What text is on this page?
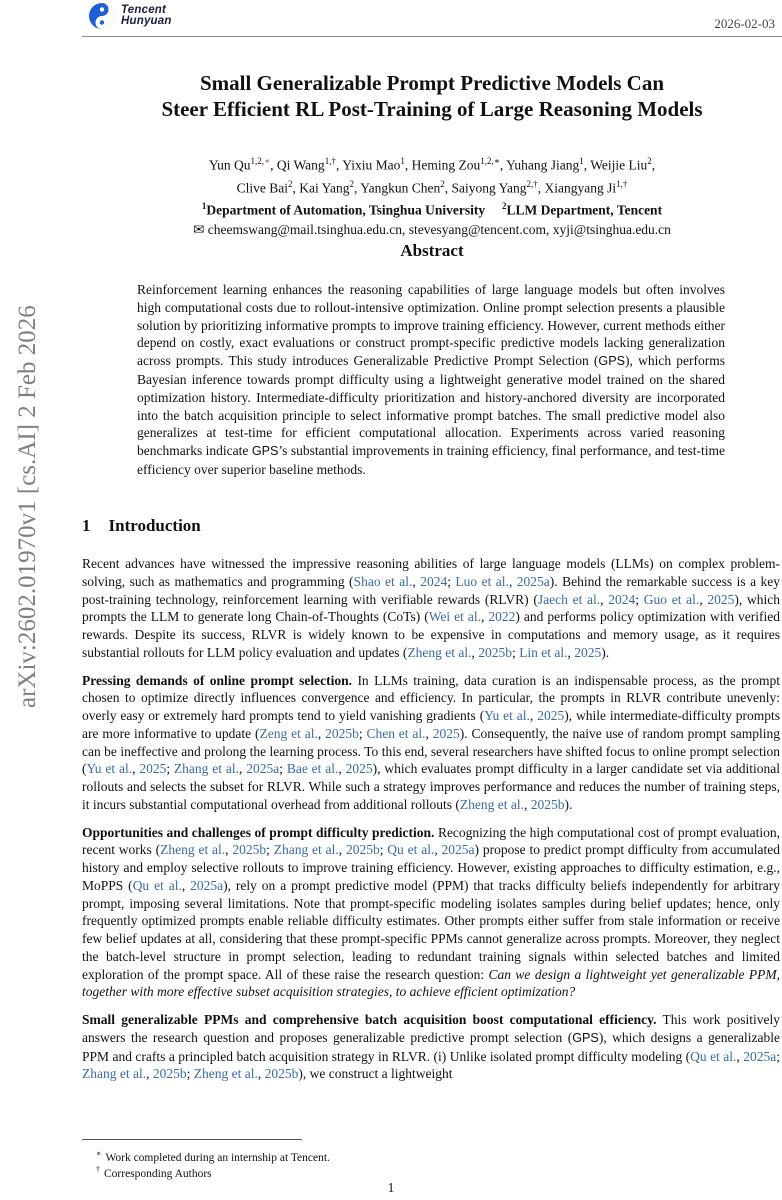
Tencent
Hunyuan	2026-02-03
arXiv:2602.01970v1 [cs.AI] 2 Feb 2026
Small Generalizable Prompt Predictive Models Can
Steer Efficient RL Post-Training of Large Reasoning Models
Yun $Qu^{1,2,∗}$, Qi Wang$^{1,\dagger}$, Yixiu Mao$^1$, Heming Zou$^{1,2,∗}$, Yuhang Jiang$^1$, Weijie Liu$^2$,
Clive Bai$^2$, Kai Yang$^2$, Yangkun Chen$^2$, Saiyong Yang$^{2,\dagger}$, Xiangyang $Ji^{1,\dagger}$
$^1$Department of Automation, Tsinghua University $^2$LLM Department, Tencent
✉ cheemswang@mail.tsinghua.edu.cn, stevesyang@tencent.com, xyji@tsinghua.edu.cn
Abstract
Reinforcement learning enhances the reasoning capabilities of large language models but often involves high computational costs due to rollout-intensive optimization. Online prompt selection presents a plausible solution by prioritizing informative prompts to improve training efficiency. However, current methods either depend on costly, exact evaluations or construct prompt-specific predictive models lacking generalization across prompts. This study introduces Generalizable Predictive Prompt Selection (GPS), which performs Bayesian inference towards prompt difficulty using a lightweight generative model trained on the shared optimization history. Intermediate-difficulty prioritization and history-anchored diversity are incorporated into the batch acquisition principle to select informative prompt batches. The small predictive model also generalizes at test-time for efficient computational allocation. Experiments across varied reasoning benchmarks indicate GPS’s substantial improvements in training efficiency, final performance, and test-time efficiency over superior baseline methods.
1 Introduction

Recent advances have witnessed the impressive reasoning abilities of large language models (LLMs) on complex problem-solving, such as mathematics and programming (Shao et al., 2024; Luo et al., 2025a). Behind the remarkable success is a key post-training technology, reinforcement learning with verifiable rewards (RLVR) (Jaech et al., 2024; Guo et al., 2025), which prompts the LLM to generate long Chain-of-Thoughts (CoTs) (Wei et al., 2022) and performs policy optimization with verified rewards. Despite its success, RLVR is widely known to be expensive in computations and memory usage, as it requires substantial rollouts for LLM policy evaluation and updates (Zheng et al., 2025b; Lin et al., 2025).

Pressing demands of online prompt selection. In LLMs training, data curation is an indispensable process, as the prompt chosen to optimize directly influences convergence and efficiency. In particular, the prompts in RLVR contribute unevenly: overly easy or extremely hard prompts tend to yield vanishing gradients (Yu et al., 2025), while intermediate-difficulty prompts are more informative to update (Zeng et al., 2025b; Chen et al., 2025). Consequently, the naive use of random prompt sampling can be ineffective and prolong the learning process. To this end, several researchers have shifted focus to online prompt selection (Yu et al., 2025; Zhang et al., 2025a; Bae et al., 2025), which evaluates prompt difficulty in a larger candidate set via additional rollouts and selects the subset for RLVR. While such a strategy improves performance and reduces the number of training steps, it incurs substantial computational overhead from additional rollouts (Zheng et al., 2025b).

Opportunities and challenges of prompt difficulty prediction. Recognizing the high computational cost of prompt evaluation, recent works (Zheng et al., 2025b; Zhang et al., 2025b; Qu et al., 2025a) propose to predict prompt difficulty from accumulated history and employ selective rollouts to improve training efficiency. However, existing approaches to difficulty estimation, e.g., MoPPS (Qu et al., 2025a), rely on a prompt predictive model (PPM) that tracks difficulty beliefs independently for arbitrary prompt, imposing several limitations. Note that prompt-specific modeling isolates samples during belief updates; hence, only frequently optimized prompts enable reliable difficulty estimates. Other prompts either suffer from stale information or receive few belief updates at all, considering that these prompt-specific PPMs cannot generalize across prompts. Moreover, they neglect the batch-level structure in prompt selection, leading to redundant training signals within selected batches and limited exploration of the prompt space. All of these raise the research question: Can we design a lightweight yet generalizable PPM, together with more effective subset acquisition strategies, to achieve efficient optimization?

Small generalizable PPMs and comprehensive batch acquisition boost computational efficiency. This work positively answers the research question and proposes generalizable predictive prompt selection (GPS), which designs a generalizable PPM and crafts a principled batch acquisition strategy in RLVR. (i) Unlike isolated prompt difficulty modeling (Qu et al., 2025a; Zhang et al., 2025b; Zheng et al., 2025b), we construct a lightweight

∗ Work completed during an internship at Tencent.
† Corresponding Authors
1
